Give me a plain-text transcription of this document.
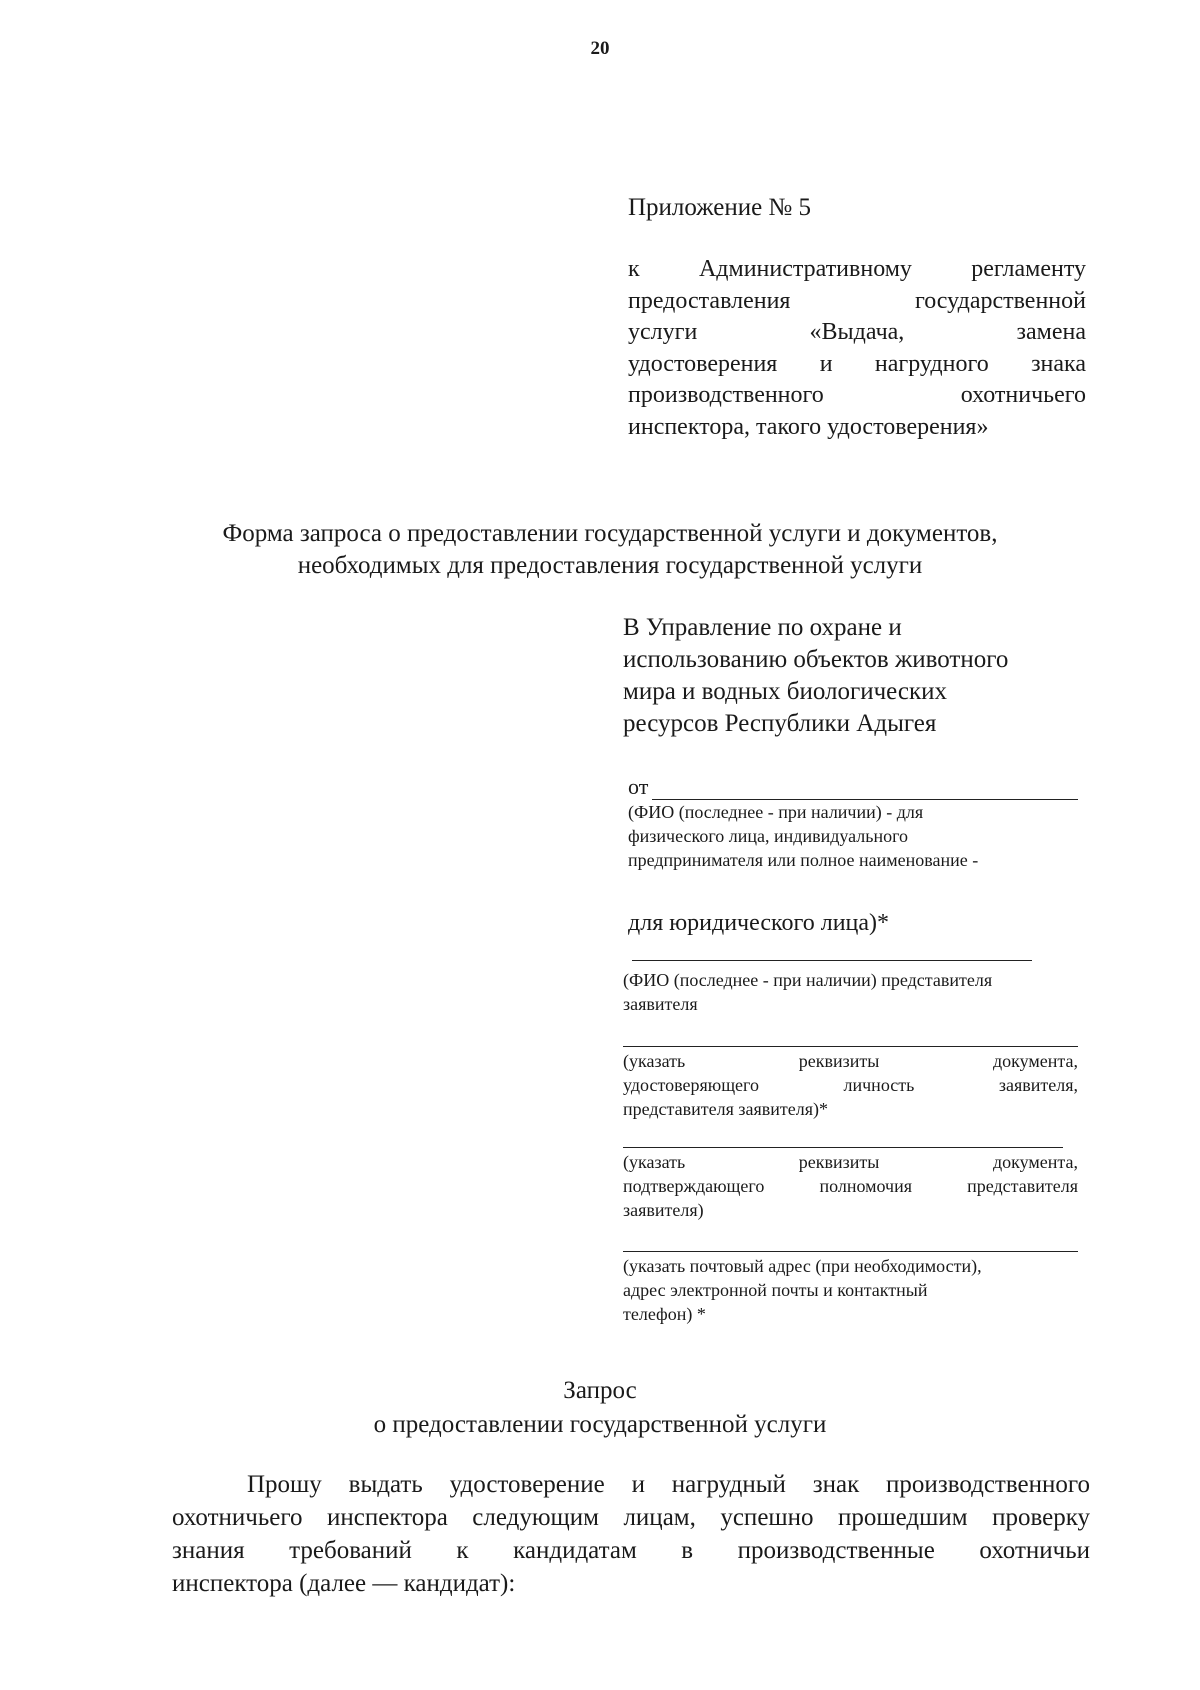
20
Приложение № 5
к Административному регламенту
предоставления государственной
услуги «Выдача, замена
удостоверения и нагрудного знака
производственного охотничьего
инспектора, такого удостоверения»
Форма запроса о предоставлении государственной услуги и документов,
необходимых для предоставления государственной услуги
В Управление по охране и
использованию объектов животного
мира и водных биологических
ресурсов Республики Адыгея
от
(ФИО (последнее - при наличии) - для
физического лица, индивидуального
предпринимателя или полное наименование -
для юридического лица)*
(ФИО (последнее - при наличии) представителя
заявителя
(указать реквизиты документа,
удостоверяющего личность заявителя,
представителя заявителя)*
(указать реквизиты документа,
подтверждающего полномочия представителя
заявителя)
(указать почтовый адрес (при необходимости),
адрес электронной почты и контактный
телефон) *
Запрос
о предоставлении государственной услуги
Прошу выдать удостоверение и нагрудный знак производственного
охотничьего инспектора следующим лицам, успешно прошедшим проверку
знания требований к кандидатам в производственные охотничьи
инспектора (далее — кандидат):
